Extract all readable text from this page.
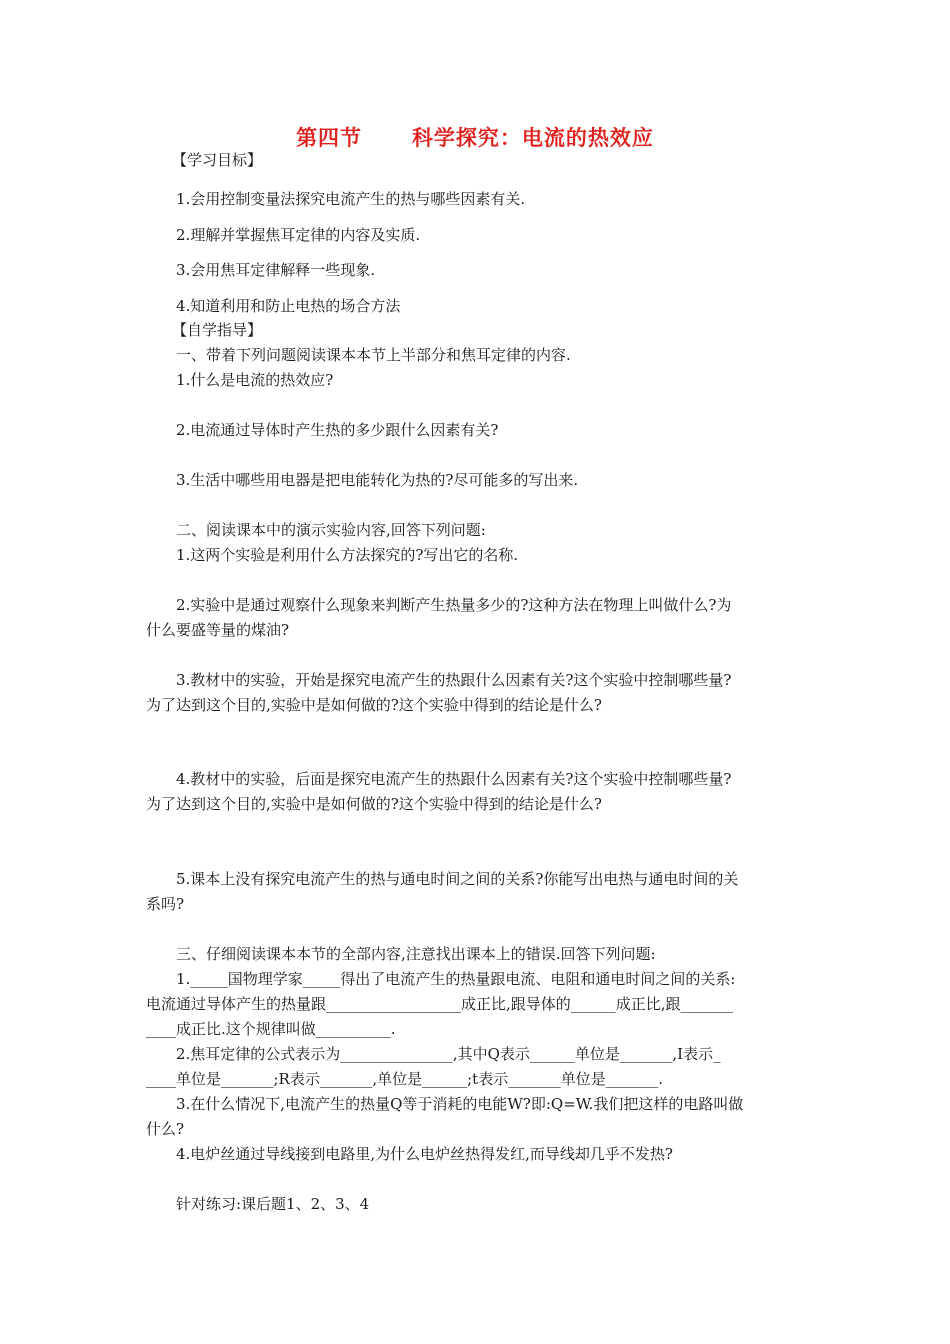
第四节      科学探究：电流的热效应
【学习目标】
1.会用控制变量法探究电流产生的热与哪些因素有关.
2.理解并掌握焦耳定律的内容及实质.
3.会用焦耳定律解释一些现象.
4.知道利用和防止电热的场合方法
【自学指导】
一、带着下列问题阅读课本本节上半部分和焦耳定律的内容.
1.什么是电流的热效应?
2.电流通过导体时产生热的多少跟什么因素有关?
3.生活中哪些用电器是把电能转化为热的?尽可能多的写出来.
二、阅读课本中的演示实验内容,回答下列问题:
1.这两个实验是利用什么方法探究的?写出它的名称.
2.实验中是通过观察什么现象来判断产生热量多少的?这种方法在物理上叫做什么?为
什么要盛等量的煤油?
3.教材中的实验，开始是探究电流产生的热跟什么因素有关?这个实验中控制哪些量?
为了达到这个目的,实验中是如何做的?这个实验中得到的结论是什么?
4.教材中的实验，后面是探究电流产生的热跟什么因素有关?这个实验中控制哪些量?
为了达到这个目的,实验中是如何做的?这个实验中得到的结论是什么?
5.课本上没有探究电流产生的热与通电时间之间的关系?你能写出电热与通电时间的关
系吗?
三、仔细阅读课本本节的全部内容,注意找出课本上的错误.回答下列问题:
1._____国物理学家_____得出了电流产生的热量跟电流、电阻和通电时间之间的关系:
电流通过导体产生的热量跟__________________成正比,跟导体的______成正比,跟_______
____成正比.这个规律叫做__________.
2.焦耳定律的公式表示为_______________,其中Q表示______单位是_______,I表示_
____单位是_______;R表示_______,单位是______;t表示_______单位是_______.
3.在什么情况下,电流产生的热量Q等于消耗的电能W?即:Q=W.我们把这样的电路叫做
什么?
4.电炉丝通过导线接到电路里,为什么电炉丝热得发红,而导线却几乎不发热?
针对练习:课后题1、2、3、4
